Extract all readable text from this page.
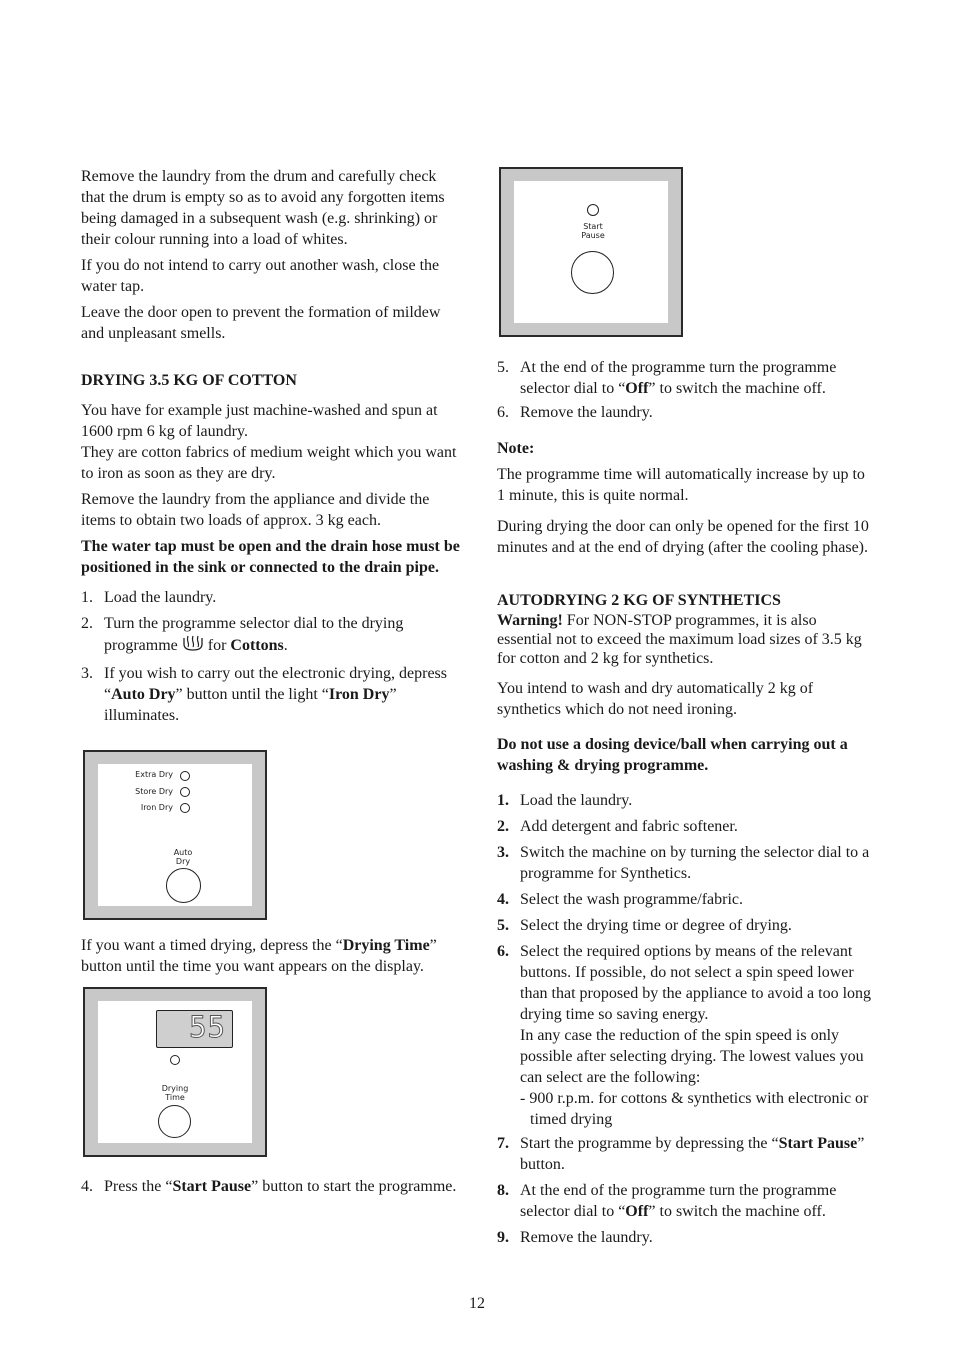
Remove the laundry from the drum and carefully check that the drum is empty so as to avoid any forgotten items being damaged in a subsequent wash (e.g. shrinking) or their colour running into a load of whites.

If you do not intend to carry out another wash, close the water tap.

Leave the door open to prevent the formation of mildew and unpleasant smells.

DRYING 3.5 KG OF COTTON

You have for example just machine-washed and spun at 1600 rpm 6 kg of laundry.

They are cotton fabrics of medium weight which you want to iron as soon as they are dry.

Remove the laundry from the appliance and divide the items to obtain two loads of approx. 3 kg each.

The water tap must be open and the drain hose must be positioned in the sink or connected to the drain pipe.

1. Load the laundry.
2. Turn the programme selector dial to the drying programme  for Cottons.
3. If you wish to carry out the electronic drying, depress “Auto Dry” button until the light “Iron Dry” illuminates.
Extra Dry
Store Dry
Iron Dry
Auto
Dry
If you want a timed drying, depress the “Drying Time” button until the time you want appears on the display.
55
Drying
Time
4. Press the “Start Pause” button to start the programme.
Start
Pause
5. At the end of the programme turn the programme selector dial to “Off” to switch the machine off.
6. Remove the laundry.

Note:

The programme time will automatically increase by up to 1 minute, this is quite normal.

During drying the door can only be opened for the first 10 minutes and at the end of drying (after the cooling phase).

AUTODRYING 2 KG OF SYNTHETICS

Warning! For NON-STOP programmes, it is also essential not to exceed the maximum load sizes of 3.5 kg for cotton and 2 kg for synthetics.

You intend to wash and dry automatically 2 kg of synthetics which do not need ironing.

Do not use a dosing device/ball when carrying out a washing & drying programme.

1. Load the laundry.
2. Add detergent and fabric softener.
3. Switch the machine on by turning the selector dial to a programme for Synthetics.
4. Select the wash programme/fabric.
5. Select the drying time or degree of drying.
6. Select the required options by means of the relevant buttons. If possible, do not select a spin speed lower than that proposed by the appliance to avoid a too long drying time so saving energy.
In any case the reduction of the spin speed is only possible after selecting drying. The lowest values you can select are the following:
- 900 r.p.m. for cottons & synthetics with electronic or timed drying
7. Start the programme by depressing the “Start Pause” button.
8. At the end of the programme turn the programme selector dial to “Off” to switch the machine off.
9. Remove the laundry.
12
